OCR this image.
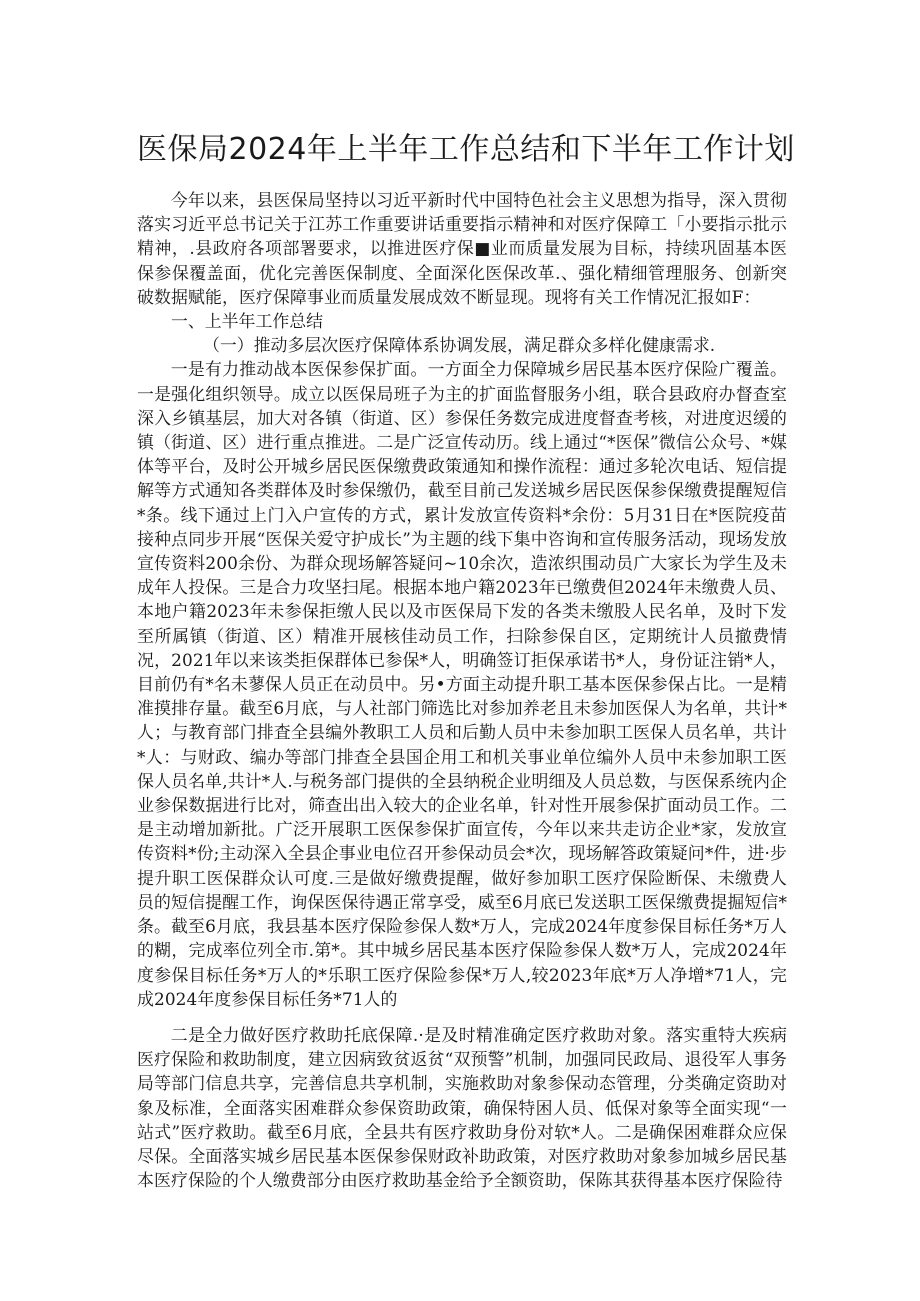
医保局2024年上半年工作总结和下半年工作计划

今年以来，县医保局坚持以习近平新时代中国特色社会主义思想为指导，深入贯彻落实习近平总书记关于江苏工作重要讲话重要指示精神和对医疗保障工「小要指示批示精神，.县政府各项部署要求，以推进医疗保■业而质量发展为目标，持续巩固基本医保参保覆盖面，优化完善医保制度、全面深化医保改革.、强化精细管理服务、创新突破数据赋能，医疗保障事业而质量发展成效不断显现。现将有关工作情况汇报如F：

一、上半年工作总结

（一）推动多层次医疗保障体系协调发展，满足群众多样化健康需求.

一是有力推动战本医保参保扩面。一方面全力保障城乡居民基本医疗保险广覆盖。一是强化组织领导。成立以医保局班子为主的扩面监督服务小组，联合县政府办督查室深入乡镇基层，加大对各镇（街道、区）参保任务数完成进度督查考核，对进度迟缓的镇（街道、区）进行重点推进。二是广泛宣传动历。线上通过“*医保”微信公众号、*媒体等平台，及时公开城乡居民医保缴费政策通知和操作流程：通过多轮次电话、短信提解等方式通知各类群体及时参保缴仍，截至目前己发送城乡居民医保参保缴费提醒短信*条。线下通过上门入户宣传的方式，累计发放宣传资料*余份：5月31日在*医院疫苗接种点同步开展“医保关爱守护成长”为主题的线下集中咨询和宣传服务活动，现场发放宣传资料200余份、为群众现场解答疑问~10余次，造浓织围动员广大家长为学生及未成年人投保。三是合力攻坚扫尾。根据本地户籍2023年已缴费但2024年未缴费人员、本地户籍2023年未参保拒缴人民以及市医保局下发的各类未缴股人民名单，及时下发至所属镇（街道、区）精准开展核佳动员工作，扫除参保自区，定期统计人员撤费情况，2021年以来该类拒保群体已参保*人，明确签订拒保承诺书*人，身份证注销*人，目前仍有*名未蓼保人员正在动员中。另•方面主动提升职工基本医保参保占比。一是精准摸排存量。截至6月底，与人社部门筛选比对参加养老且未参加医保人为名单，共计*人；与教育部门排査全县编外教职工人员和后勤人员中未参加职工医保人员名单，共计*人：与财政、编办等部门排查全县国企用工和机关事业单位编外人员中未参加职工医保人员名单,共计*人.与税务部门提供的全县纳税企业明细及人员总数，与医保系统内企业参保数据进行比对，筛查出出入较大的企业名单，针对性开展参保扩面动员工作。二是主动增加新批。广泛开展职工医保参保扩面宣传，今年以来共走访企业*家，发放宣传资料*份;主动深入全县企事业电位召开参保动员会*次，现场解答政策疑问*件，进·步提升职工医保群众认可度.三是做好缴费提醒，做好参加职工医疗保险断保、未缴费人员的短信提醒工作，询保医保待遇正常享受，威至6月底已发送职工医保缴费提掘短信*条。截至6月底，我县基本医疗保险参保人数*万人，完成2024年度参保目标任务*万人的糊，完成率位列全市.第*。其中城乡居民基本医疗保险参保人数*万人，完成2024年度参保目标任务*万人的*乐职工医疗保险参保*万人,较2023年底*万人净增*71人，完成2024年度参保目标任务*71人的

二是全力做好医疗救助托底保障.·是及时精准确定医疗救助对象。落实重特大疾病医疗保险和救助制度，建立因病致贫返贫“双预警”机制，加强同民政局、退役军人事务局等部门信息共享，完善信息共享机制，实施救助对象参保动态管理，分类确定资助对象及标准，全面落实困难群众参保资助政策，确保特困人员、低保对象等全面实现“一站式”医疗救助。截至6月底，全县共有医疗救助身份对软*人。二是确保困难群众应保尽保。全面落实城乡居民基本医保参保财政补助政策，对医疗救助对象参加城乡居民基本医疗保险的个人缴费部分由医疗救助基金给予全额资助，保陈其获得基本医疗保险待
